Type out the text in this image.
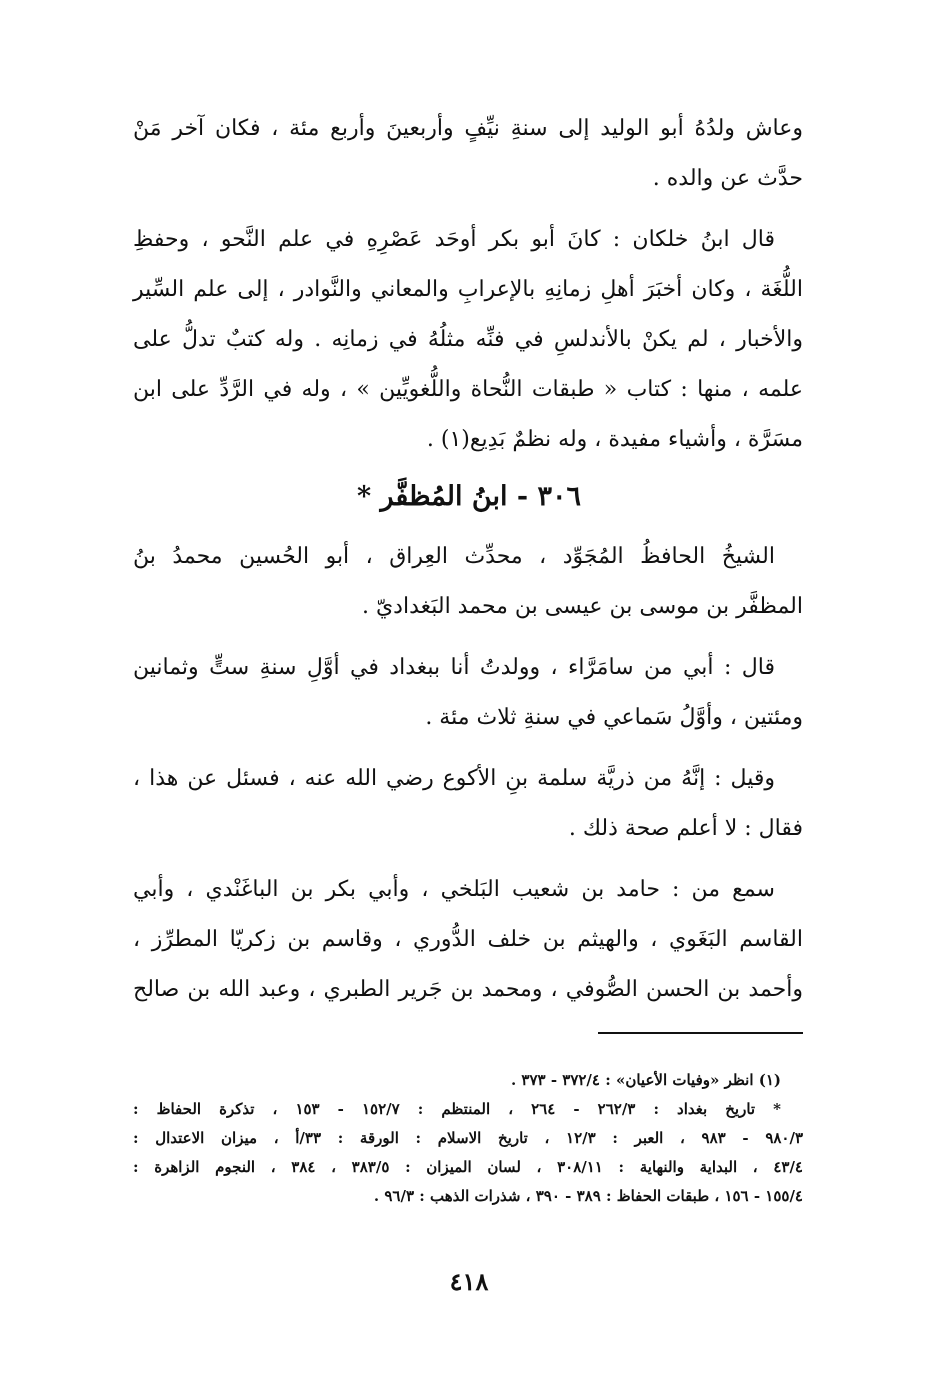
وعاش ولدُهُ أبو الوليد إلى سنةِ نيِّفٍ وأربعينَ وأربع مئة ، فكان آخر مَنْ
حدَّث عن والده .
قال ابنُ خلكان : كانَ أبو بكر أوحَد عَصْرِهِ في علم النَّحو ، وحفظِ
اللُّغَة ، وكان أخبَرَ أهلِ زمانِهِ بالإعرابِ والمعاني والنَّوادر ، إلى علم السِّير
والأخبار ، لم يكنْ بالأندلسِ في فنِّه مثلُهُ في زمانِه . وله كتبٌ تدلُّ على
علمه ، منها : كتاب « طبقات النُّحاة واللُّغويِّين » ، وله في الرَّدِّ على ابن
مسَرَّة ، وأشياء مفيدة ، وله نظمٌ بَدِيع(١) .
٣٠٦ - ابنُ المُظفَّر *
الشيخُ الحافظُ المُجَوِّد ، محدِّث العِراق ، أبو الحُسين محمدُ بنُ
المظفَّر بن موسى بن عيسى بن محمد البَغداديّ .
قال : أبي من سامَرَّاء ، وولدتُ أنا ببغداد في أوَّلِ سنةِ ستٍّ وثمانين
ومئتين ، وأوَّلُ سَماعي في سنةِ ثلاث مئة .
وقيل : إنَّهُ من ذريَّة سلمة بنِ الأكوع رضي الله عنه ، فسئل عن هذا ،
فقال : لا أعلم صحة ذلك .
سمع من : حامد بن شعيب البَلخي ، وأبي بكر بن الباغَنْدي ، وأبي
القاسم البَغَوي ، والهيثم بن خلف الدُّوري ، وقاسم بن زكريّا المطرِّز ،
وأحمد بن الحسن الصُّوفي ، ومحمد بن جَرير الطبري ، وعبد الله بن صالح
(١) انظر «وفيات الأعيان» : ٣٧٢/٤ - ٣٧٣ .
* تاريخ بغداد : ٢٦٢/٣ - ٢٦٤ ، المنتظم : ١٥٢/٧ - ١٥٣ ، تذكرة الحفاظ :
٩٨٠/٣ - ٩٨٣ ، العبر : ١٢/٣ ، تاريخ الاسلام : الورقة : ٣٣/أ ، ميزان الاعتدال :
٤٣/٤ ، البداية والنهاية : ٣٠٨/١١ ، لسان الميزان : ٣٨٣/٥ ، ٣٨٤ ، النجوم الزاهرة :
١٥٥/٤ - ١٥٦ ، طبقات الحفاظ : ٣٨٩ - ٣٩٠ ، شذرات الذهب : ٩٦/٣ .
٤١٨
